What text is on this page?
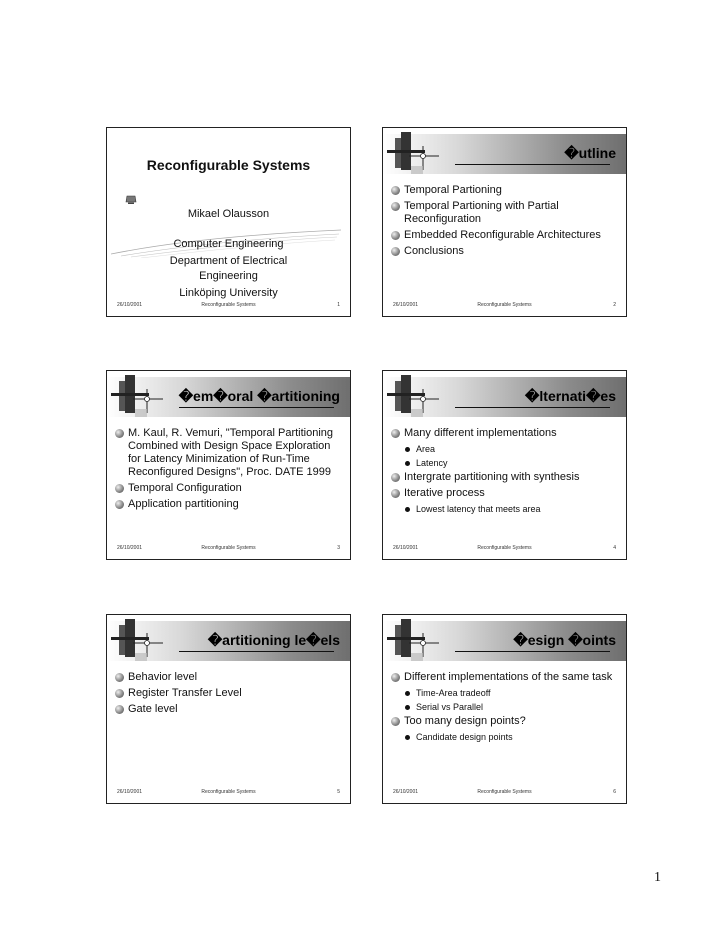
Reconfigurable Systems
Mikael Olausson
Computer Engineering
Department of Electrical Engineering
Linköping University
26/10/2001	Reconfigurable Systems	1
�utline
Temporal Partioning
Temporal Partioning with Partial Reconfiguration
Embedded Reconfigurable Architectures
Conclusions
26/10/2001	Reconfigurable Systems	2
�em�oral �artitioning
M. Kaul, R. Vemuri, "Temporal Partitioning Combined with Design Space Exploration for Latency Minimization of Run-Time Reconfigured Designs", Proc. DATE 1999
Temporal Configuration
Application partitioning
26/10/2001	Reconfigurable Systems	3
�lternati�es
Many different implementations
Area
Latency
Intergrate partitioning with synthesis
Iterative process
Lowest latency that meets area
26/10/2001	Reconfigurable Systems	4
�artitioning le�els
Behavior level
Register Transfer Level
Gate level
26/10/2001	Reconfigurable Systems	5
�esign �oints
Different implementations of the same task
Time-Area tradeoff
Serial vs Parallel
Too many design points?
Candidate design points
26/10/2001	Reconfigurable Systems	6
1
